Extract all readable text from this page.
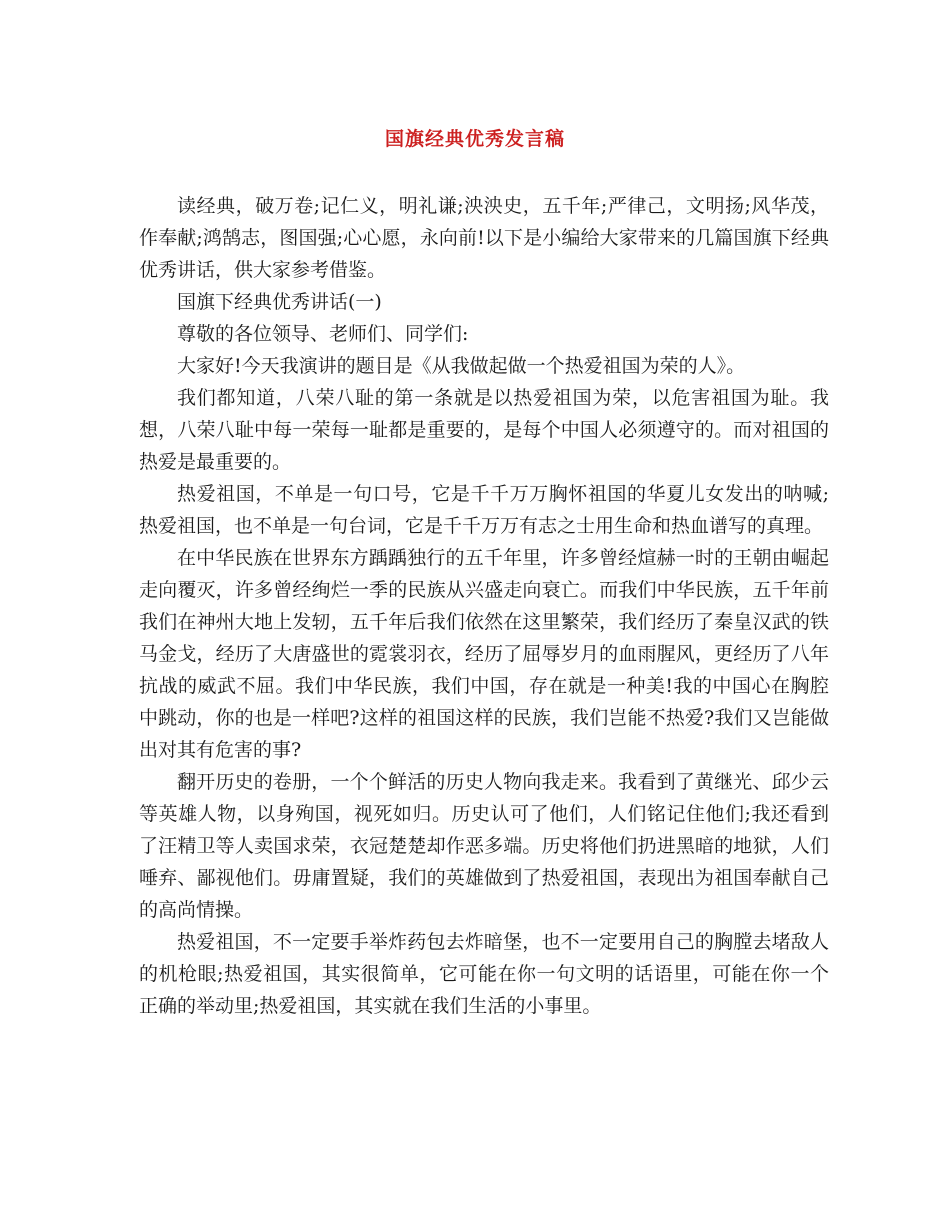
国旗经典优秀发言稿

读经典，破万卷;记仁义，明礼谦;泱泱史，五千年;严律己，文明扬;风华茂，作奉献;鸿鹄志，图国强;心心愿，永向前!以下是小编给大家带来的几篇国旗下经典优秀讲话，供大家参考借鉴。

国旗下经典优秀讲话(一)

尊敬的各位领导、老师们、同学们:

大家好!今天我演讲的题目是《从我做起做一个热爱祖国为荣的人》。

我们都知道，八荣八耻的第一条就是以热爱祖国为荣，以危害祖国为耻。我想，八荣八耻中每一荣每一耻都是重要的，是每个中国人必须遵守的。而对祖国的热爱是最重要的。

热爱祖国，不单是一句口号，它是千千万万胸怀祖国的华夏儿女发出的呐喊;热爱祖国，也不单是一句台词，它是千千万万有志之士用生命和热血谱写的真理。

在中华民族在世界东方踽踽独行的五千年里，许多曾经煊赫一时的王朝由崛起走向覆灭，许多曾经绚烂一季的民族从兴盛走向衰亡。而我们中华民族，五千年前我们在神州大地上发轫，五千年后我们依然在这里繁荣，我们经历了秦皇汉武的铁马金戈，经历了大唐盛世的霓裳羽衣，经历了屈辱岁月的血雨腥风，更经历了八年抗战的威武不屈。我们中华民族，我们中国，存在就是一种美!我的中国心在胸腔中跳动，你的也是一样吧?这样的祖国这样的民族，我们岂能不热爱?我们又岂能做出对其有危害的事?

翻开历史的卷册，一个个鲜活的历史人物向我走来。我看到了黄继光、邱少云等英雄人物，以身殉国，视死如归。历史认可了他们，人们铭记住他们;我还看到了汪精卫等人卖国求荣，衣冠楚楚却作恶多端。历史将他们扔进黑暗的地狱，人们唾弃、鄙视他们。毋庸置疑，我们的英雄做到了热爱祖国，表现出为祖国奉献自己的高尚情操。

热爱祖国，不一定要手举炸药包去炸暗堡，也不一定要用自己的胸膛去堵敌人的机枪眼;热爱祖国，其实很简单，它可能在你一句文明的话语里，可能在你一个正确的举动里;热爱祖国，其实就在我们生活的小事里。
